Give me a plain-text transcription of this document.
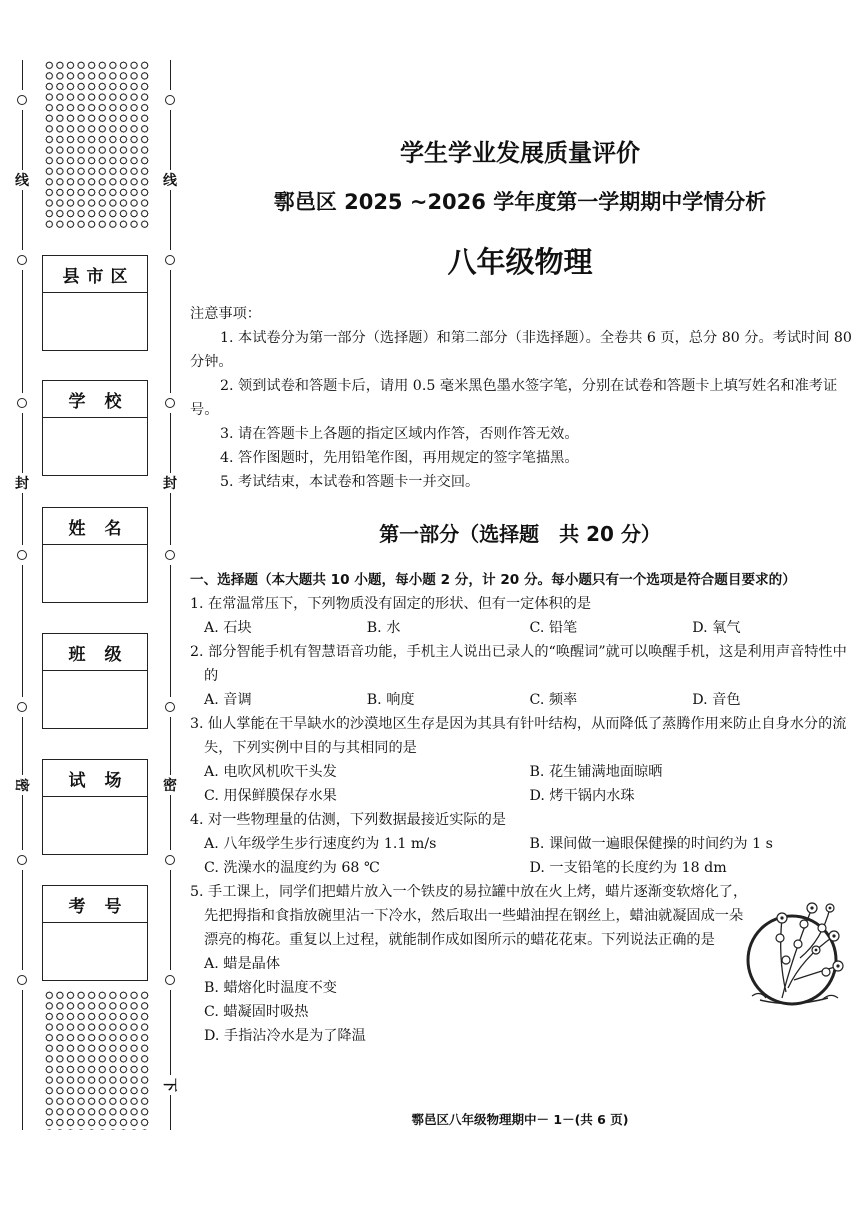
线
封
密
线
封
密
下
县 市 区
学 校
姓 名
班 级
试 场
考 号
学生学业发展质量评价
鄠邑区 2025 ~2026 学年度第一学期期中学情分析
八年级物理
注意事项：
1. 本试卷分为第一部分（选择题）和第二部分（非选择题）。全卷共 6 页，总分 80 分。考试时间 80 分钟。
2. 领到试卷和答题卡后，请用 0.5 毫米黑色墨水签字笔，分别在试卷和答题卡上填写姓名和准考证号。
3. 请在答题卡上各题的指定区域内作答，否则作答无效。
4. 答作图题时，先用铅笔作图，再用规定的签字笔描黑。
5. 考试结束，本试卷和答题卡一并交回。
第一部分（选择题　共 20 分）
一、选择题（本大题共 10 小题，每小题 2 分，计 20 分。每小题只有一个选项是符合题目要求的）
1. 在常温常压下，下列物质没有固定的形状、但有一定体积的是
A. 石块	B. 水	C. 铅笔	D. 氧气
2. 部分智能手机有智慧语音功能，手机主人说出已录人的“唤醒词”就可以唤醒手机，这是利用声音特性中的
A. 音调	B. 响度	C. 频率	D. 音色
3. 仙人掌能在干旱缺水的沙漠地区生存是因为其具有针叶结构，从而降低了蒸腾作用来防止自身水分的流失，下列实例中目的与其相同的是
A. 电吹风机吹干头发	B. 花生铺满地面晾晒
C. 用保鲜膜保存水果	D. 烤干锅内水珠
4. 对一些物理量的估测，下列数据最接近实际的是
A. 八年级学生步行速度约为 1.1 m/s	B. 课间做一遍眼保健操的时间约为 1 s
C. 洗澡水的温度约为 68 ℃	D. 一支铅笔的长度约为 18 dm
5. 手工课上，同学们把蜡片放入一个铁皮的易拉罐中放在火上烤，蜡片逐渐变软熔化了，先把拇指和食指放碗里沾一下冷水，然后取出一些蜡油捏在钢丝上，蜡油就凝固成一朵漂亮的梅花。重复以上过程，就能制作成如图所示的蜡花花束。下列说法正确的是
A. 蜡是晶体
B. 蜡熔化时温度不变
C. 蜡凝固时吸热
D. 手指沾冷水是为了降温
鄠邑区八年级物理期中－ 1－(共 6 页)
